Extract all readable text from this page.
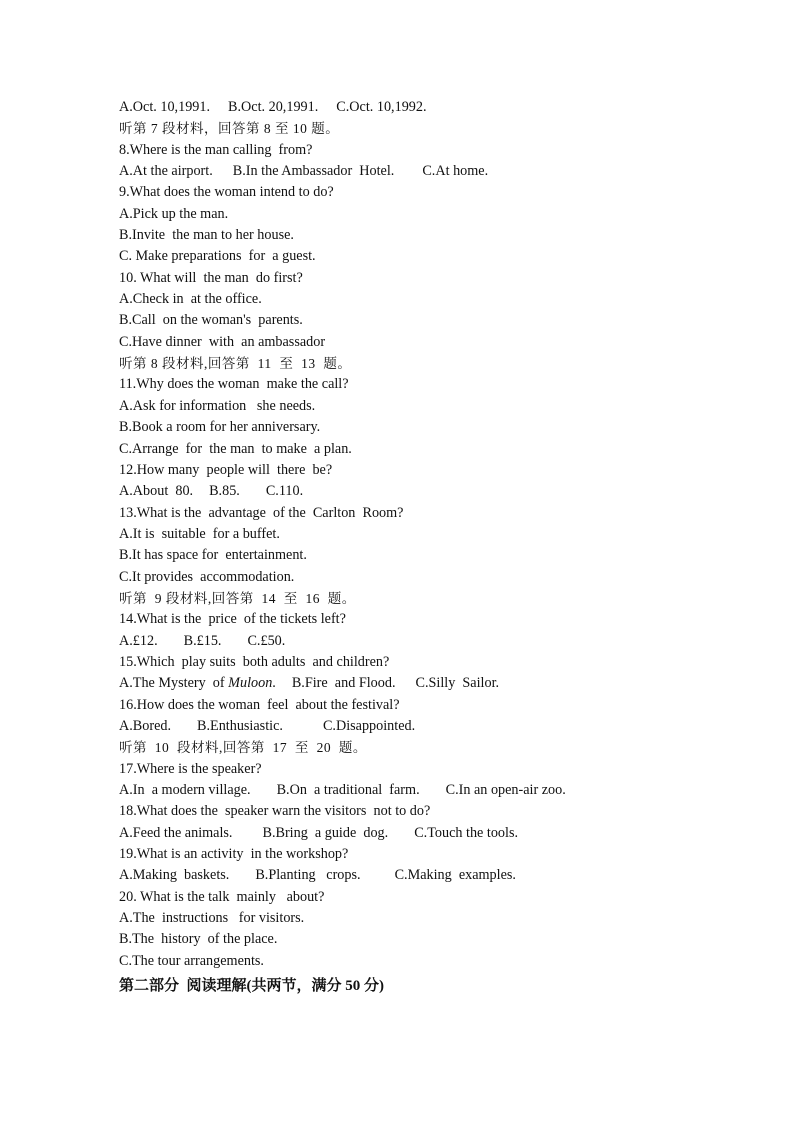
A.Oct. 10,1991. B.Oct. 20,1991. C.Oct. 10,1992.
听第 7 段材料，回答第 8 至 10 题。
8.Where is the man calling  from?
A.At the airport. B.In the Ambassador  Hotel. C.At home.
9.What does the woman intend to do?
A.Pick up the man.
B.Invite  the man to her house.
C. Make preparations  for  a guest.
10. What will  the man  do first?
A.Check in  at the office.
B.Call  on the woman's  parents.
C.Have dinner  with  an ambassador
听第 8 段材料,回答第  11  至  13  题。
11.Why does the woman  make the call?
A.Ask for information   she needs.
B.Book a room for her anniversary.
C.Arrange  for  the man  to make  a plan.
12.How many  people will  there  be?
A.About  80. B.85. C.110.
13.What is the  advantage  of the  Carlton  Room?
A.It is  suitable  for a buffet.
B.It has space for  entertainment.
C.It provides  accommodation.
听第  9 段材料,回答第  14  至  16  题。
14.What is the  price  of the tickets left?
A.£12. B.£15. C.£50.
15.Which  play suits  both adults  and children?
A.The Mystery  of Muloon. B.Fire  and Flood. C.Silly  Sailor.
16.How does the woman  feel  about the festival?
A.Bored. B.Enthusiastic.	C.Disappointed.
听第  10  段材料,回答第  17  至  20  题。
17.Where is the speaker?
A.In  a modern village. B.On  a traditional  farm. C.In an open-air zoo.
18.What does the  speaker warn the visitors  not to do?
A.Feed the animals. B.Bring  a guide  dog. C.Touch the tools.
19.What is an activity  in the workshop?
A.Making  baskets. B.Planting   crops. C.Making  examples.
20. What is the talk  mainly   about?
A.The  instructions   for visitors.
B.The  history  of the place.
C.The tour arrangements.
第二部分  阅读理解(共两节，满分 50 分)
